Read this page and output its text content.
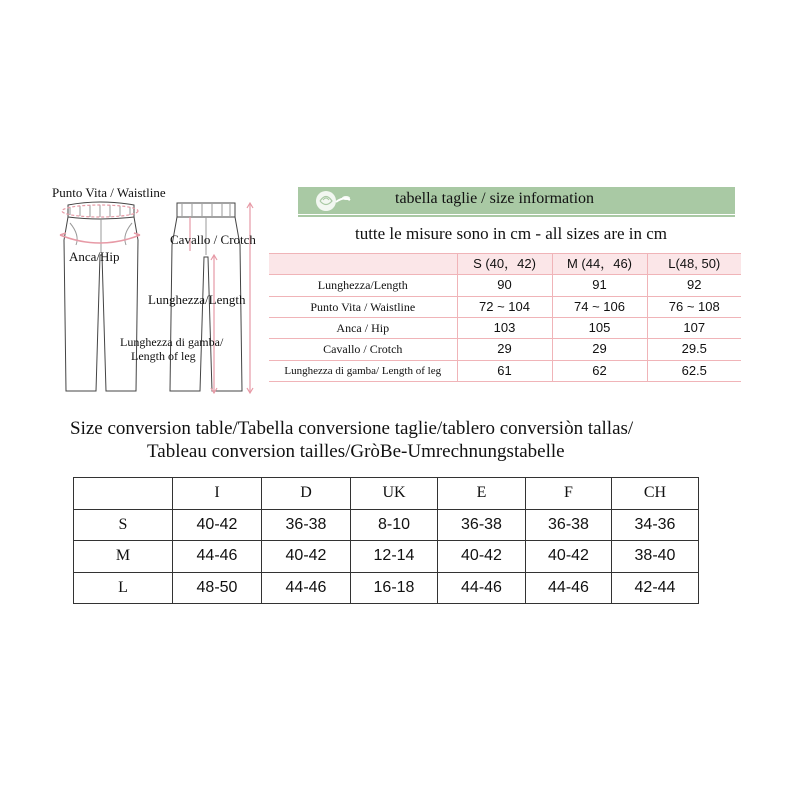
Punto Vita / Waistline
Anca/Hip
Cavallo / Crotch
Lunghezza/Length
Lunghezza di gamba/
Length of leg
tabella taglie / size information
tutte le misure sono in cm - all sizes are in cm
	S (40，42)	M (44，46)	L(48, 50)
Lunghezza/Length	90	91	92
Punto Vita / Waistline	72 ~ 104	74 ~ 106	76 ~ 108
Anca / Hip	103	105	107
Cavallo / Crotch	29	29	29.5
Lunghezza di gamba/ Length of leg	61	62	62.5
Size conversion table/Tabella conversione taglie/tablero conversiòn tallas/
Tableau conversion tailles/GròBe-Umrechnungstabelle
	I	D	UK	E	F	CH
S	40-42	36-38	8-10	36-38	36-38	34-36
M	44-46	40-42	12-14	40-42	40-42	38-40
L	48-50	44-46	16-18	44-46	44-46	42-44
